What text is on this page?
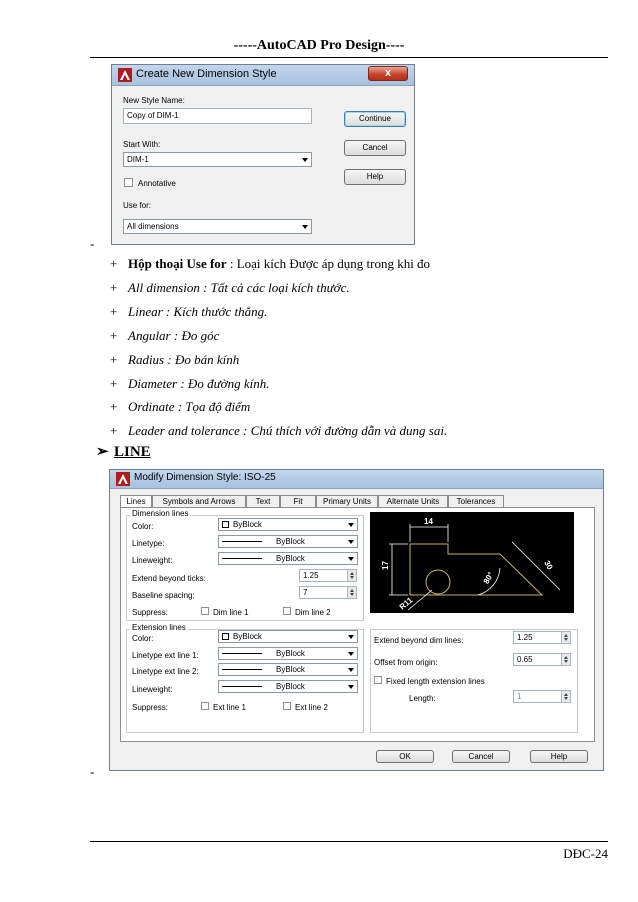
-----AutoCAD Pro Design----
Create New Dimension Style	x
New Style Name:
Copy of DIM-1
Start With:
DIM-1
Annotative
Use for:
All dimensions
Continue
Cancel
Help
-
+ Hộp thoại Use for : Loại kích Được áp dụng trong khi đo
+ All dimension : Tất cả các loại kích thước.
+ Linear : Kích thước thẳng.
+ Angular : Đo góc
+ Radius : Đo bán kính
+ Diameter : Đo đường kính.
+ Ordinate : Tọa độ điểm
+ Leader and tolerance : Chú thích với đường dẫn và dung sai.
➢ LINE
Modify Dimension Style: ISO-25
Lines	Symbols and Arrows	Text	Fit	Primary Units	Alternate Units	Tolerances
Dimension lines
Color:	ByBlock
Linetype:	ByBlock
Lineweight:	ByBlock
Extend beyond ticks:	1.25
Baseline spacing:	7
Suppress:	Dim line 1	Dim line 2
14
17
80°
30
R11
Extension lines
Color:	ByBlock
Linetype ext line 1:	ByBlock
Linetype ext line 2:	ByBlock
Lineweight:	ByBlock
Suppress:	Ext line 1	Ext line 2
Extend beyond dim lines:	1.25
Offset from origin:	0.65
Fixed length extension lines
Length:	1
OK	Cancel	Help
-
DĐC-24
